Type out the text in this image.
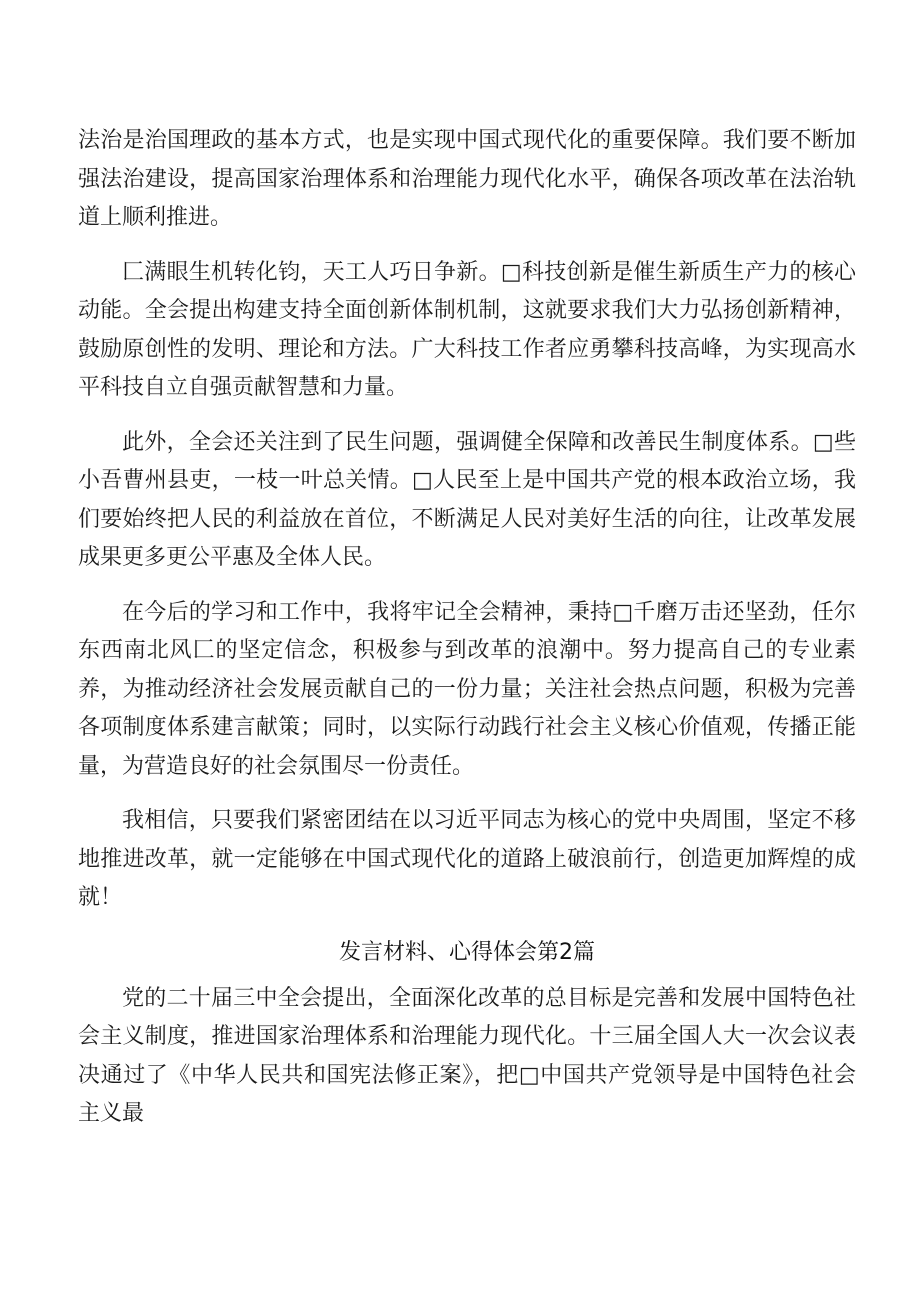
法治是治国理政的基本方式，也是实现中国式现代化的重要保障。我们要不断加强法治建设，提高国家治理体系和治理能力现代化水平，确保各项改革在法治轨道上顺利推进。

匚满眼生机转化钧，天工人巧日争新。□科技创新是催生新质生产力的核心动能。全会提出构建支持全面创新体制机制，这就要求我们大力弘扬创新精神，鼓励原创性的发明、理论和方法。广大科技工作者应勇攀科技高峰，为实现高水平科技自立自强贡献智慧和力量。

此外，全会还关注到了民生问题，强调健全保障和改善民生制度体系。□些小吾曹州县吏，一枝一叶总关情。□人民至上是中国共产党的根本政治立场，我们要始终把人民的利益放在首位，不断满足人民对美好生活的向往，让改革发展成果更多更公平惠及全体人民。

在今后的学习和工作中，我将牢记全会精神，秉持□千磨万击还坚劲，任尔东西南北风匚的坚定信念，积极参与到改革的浪潮中。努力提高自己的专业素养，为推动经济社会发展贡献自己的一份力量；关注社会热点问题，积极为完善各项制度体系建言献策；同时，以实际行动践行社会主义核心价值观，传播正能量，为营造良好的社会氛围尽一份责任。

我相信，只要我们紧密团结在以习近平同志为核心的党中央周围，坚定不移地推进改革，就一定能够在中国式现代化的道路上破浪前行，创造更加辉煌的成就！

发言材料、心得体会第2篇

党的二十届三中全会提出，全面深化改革的总目标是完善和发展中国特色社会主义制度，推进国家治理体系和治理能力现代化。十三届全国人大一次会议表决通过了《中华人民共和国宪法修正案》，把□中国共产党领导是中国特色社会主义最
